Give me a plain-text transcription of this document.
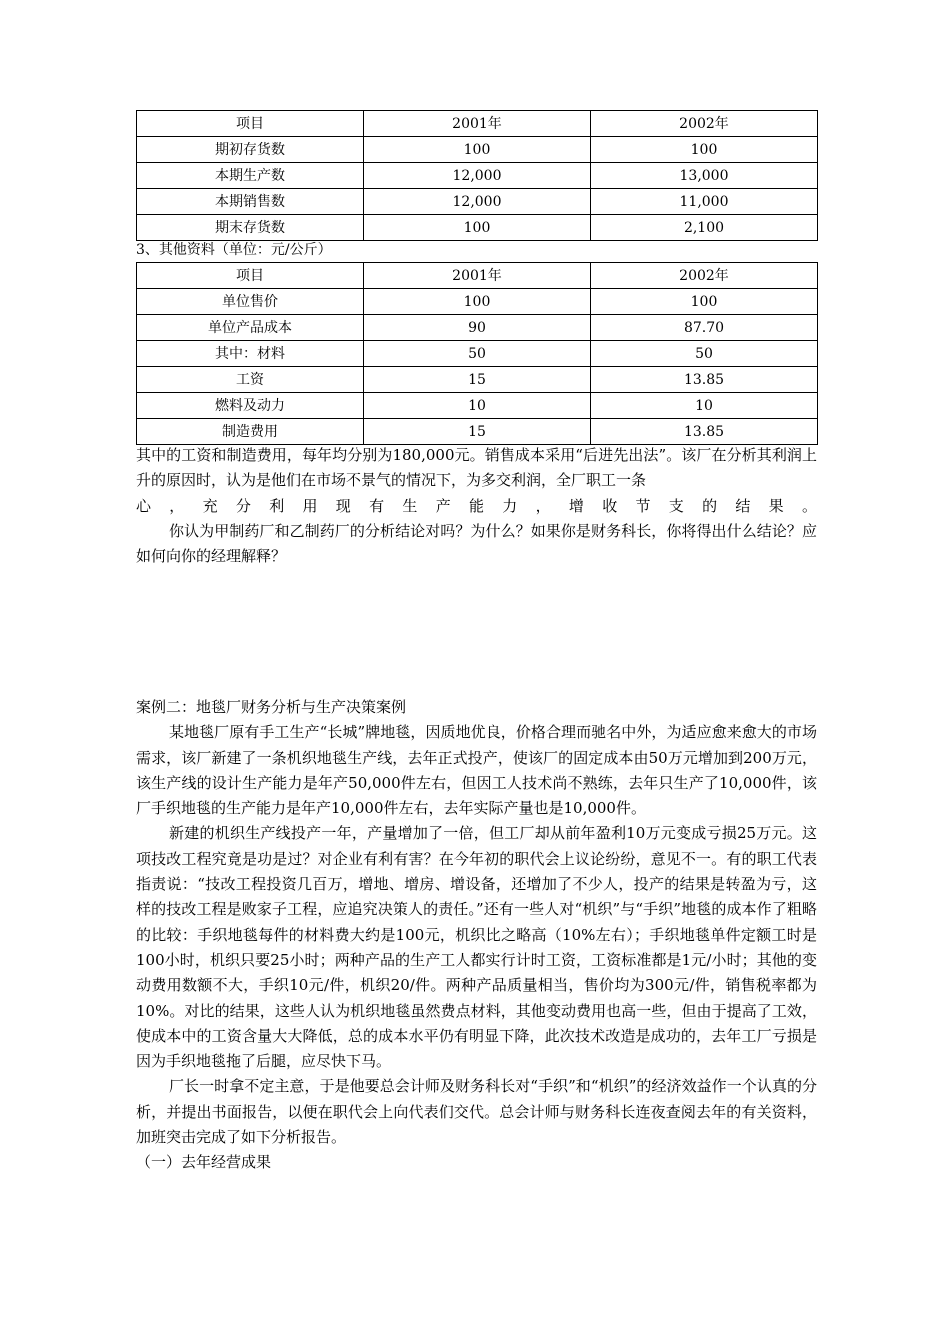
项目	2001年	2002年
期初存货数	100	100
本期生产数	12,000	13,000
本期销售数	12,000	11,000
期末存货数	100	2,100
3、其他资料（单位：元/公斤）
项目	2001年	2002年
单位售价	100	100
单位产品成本	90	87.70
其中：材料	50	50
工资	15	13.85
燃料及动力	10	10
制造费用	15	13.85

其中的工资和制造费用，每年均分别为180,000元。销售成本采用“后进先出法”。该厂在分析其利润上升的原因时，认为是他们在市场不景气的情况下，为多交利润，全厂职工一条

心，充分利用现有生产能力，增收节支的结果。

你认为甲制药厂和乙制药厂的分析结论对吗？为什么？如果你是财务科长，你将得出什么结论？应如何向你的经理解释？

案例二：地毯厂财务分析与生产决策案例

某地毯厂原有手工生产“长城”牌地毯，因质地优良，价格合理而驰名中外，为适应愈来愈大的市场需求，该厂新建了一条机织地毯生产线，去年正式投产，使该厂的固定成本由50万元增加到200万元，该生产线的设计生产能力是年产50,000件左右，但因工人技术尚不熟练，去年只生产了10,000件，该厂手织地毯的生产能力是年产10,000件左右，去年实际产量也是10,000件。

新建的机织生产线投产一年，产量增加了一倍，但工厂却从前年盈利10万元变成亏损25万元。这项技改工程究竟是功是过？对企业有利有害？在今年初的职代会上议论纷纷，意见不一。有的职工代表指责说：“技改工程投资几百万，增地、增房、增设备，还增加了不少人，投产的结果是转盈为亏，这样的技改工程是败家子工程，应追究决策人的责任。”还有一些人对“机织”与“手织”地毯的成本作了粗略的比较：手织地毯每件的材料费大约是100元，机织比之略高（10%左右）；手织地毯单件定额工时是100小时，机织只要25小时；两种产品的生产工人都实行计时工资，工资标准都是1元/小时；其他的变动费用数额不大，手织10元/件，机织20/件。两种产品质量相当，售价均为300元/件，销售税率都为10%。对比的结果，这些人认为机织地毯虽然费点材料，其他变动费用也高一些，但由于提高了工效，使成本中的工资含量大大降低，总的成本水平仍有明显下降，此次技术改造是成功的，去年工厂亏损是因为手织地毯拖了后腿，应尽快下马。

厂长一时拿不定主意，于是他要总会计师及财务科长对“手织”和“机织”的经济效益作一个认真的分析，并提出书面报告，以便在职代会上向代表们交代。总会计师与财务科长连夜查阅去年的有关资料，加班突击完成了如下分析报告。

（一）去年经营成果
